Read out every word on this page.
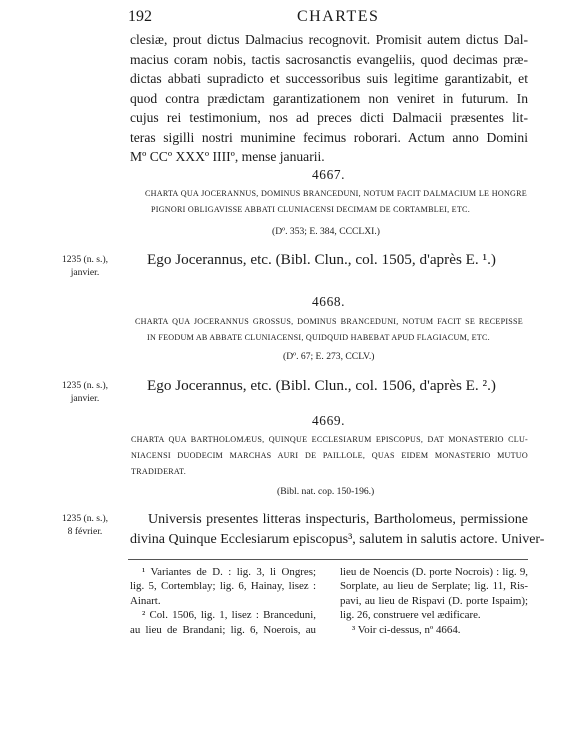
192	CHARTES
clesiæ, prout dictus Dalmacius recognovit. Promisit autem dictus Dal-
macius coram nobis, tactis sacrosanctis evangeliis, quod decimas præ-
dictas abbati supradicto et successoribus suis legitime garantizabit, et
quod contra prædictam garantizationem non veniret in futurum. In
cujus rei testimonium, nos ad preces dicti Dalmacii præsentes lit-
teras sigilli nostri munimine fecimus roborari. Actum anno Domini
Mº CCº XXXº IIIIº, mense januarii.
4667.
CHARTA QUA JOCERANNUS, DOMINUS BRANCEDUNI, NOTUM FACIT DALMACIUM LE HONGRE
PIGNORI OBLIGAVISSE ABBATI CLUNIACENSI DECIMAM DE CORTAMBLEI, ETC.
(Dº. 353; E. 384, CCCLXI.)
1235 (n. s.),
janvier.
Ego Jocerannus, etc. (Bibl. Clun., col. 1505, d'après E. ¹.)
4668.
CHARTA QUA JOCERANNUS GROSSUS, DOMINUS BRANCEDUNI, NOTUM FACIT SE RECEPISSE
IN FEODUM AB ABBATE CLUNIACENSI, QUIDQUID HABEBAT APUD FLAGIACUM, ETC.
(Dº. 67; E. 273, CCLV.)
1235 (n. s.),
janvier.
Ego Jocerannus, etc. (Bibl. Clun., col. 1506, d'après E. ².)
4669.
CHARTA QUA BARTHOLOMÆUS, QUINQUE ECCLESIARUM EPISCOPUS, DAT MONASTERIO CLU-
NIACENSI DUODECIM MARCHAS AURI DE PAILLOLE, QUAS EIDEM MONASTERIO MUTUO
TRADIDERAT.
(Bibl. nat. cop. 150-196.)
1235 (n. s.),
8 février.
Universis presentes litteras inspecturis, Bartholomeus, permissione
divina Quinque Ecclesiarum episcopus³, salutem in salutis actore. Univer-
¹ Variantes de D. : lig. 3, li Ongres;
lig. 5, Cortemblay; lig. 6, Hainay, lisez :
Ainart.
² Col. 1506, lig. 1, lisez : Branceduni,
au lieu de Brandani; lig. 6, Noerois, au
lieu de Noencis (D. porte Nocrois) : lig. 9,
Sorplate, au lieu de Serplate; lig. 11, Ris-
pavi, au lieu de Rispavi (D. porte Ispaim);
lig. 26, construere vel ædificare.
³ Voir ci-dessus, nº 4664.
